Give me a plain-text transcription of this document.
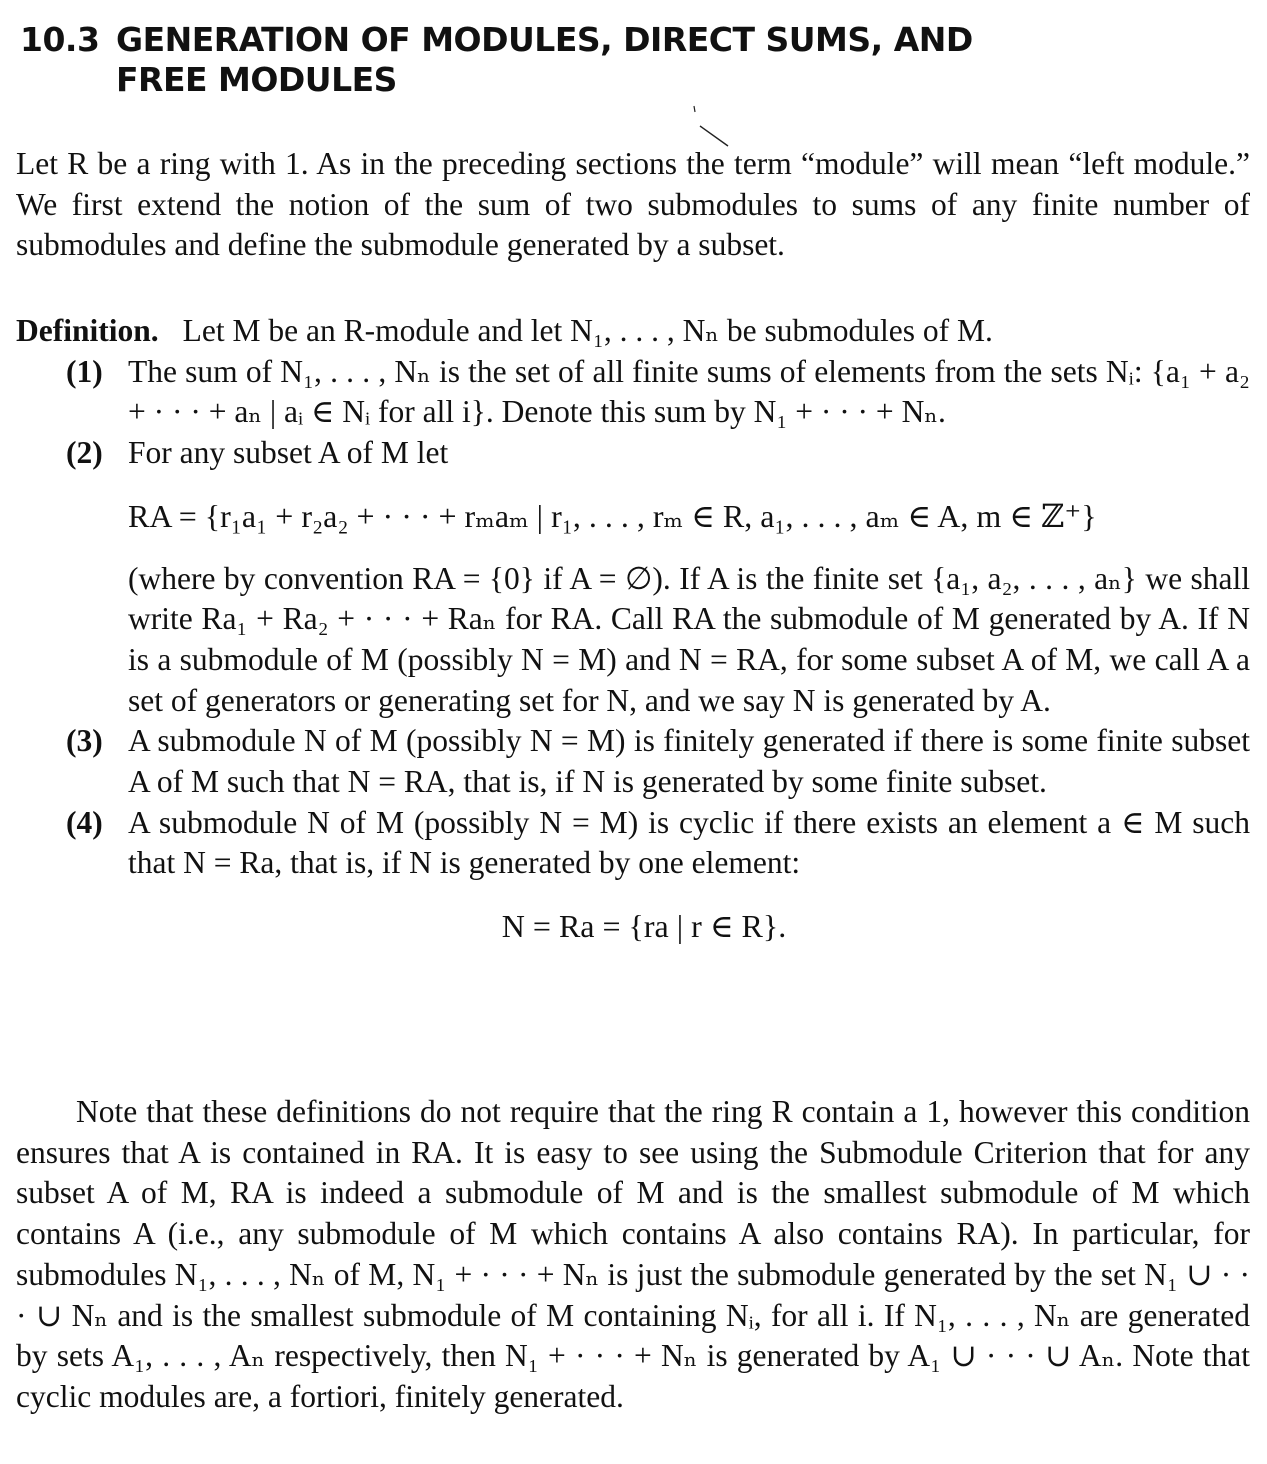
10.3 GENERATION OF MODULES, DIRECT SUMS, AND
FREE MODULES

Let R be a ring with 1. As in the preceding sections the term “module” will mean “left module.” We first extend the notion of the sum of two submodules to sums of any finite number of submodules and define the submodule generated by a subset.

Definition. Let M be an R-module and let N₁, . . . , Nₙ be submodules of M.
(1) The sum of N₁, . . . , Nₙ is the set of all finite sums of elements from the sets Nᵢ: {a₁ + a₂ + · · · + aₙ | aᵢ ∈ Nᵢ for all i}. Denote this sum by N₁ + · · · + Nₙ.
(2) For any subset A of M let
RA = {r₁a₁ + r₂a₂ + · · · + rₘaₘ | r₁, . . . , rₘ ∈ R, a₁, . . . , aₘ ∈ A, m ∈ ℤ⁺}
(where by convention RA = {0} if A = ∅). If A is the finite set {a₁, a₂, . . . , aₙ} we shall write Ra₁ + Ra₂ + · · · + Raₙ for RA. Call RA the submodule of M generated by A. If N is a submodule of M (possibly N = M) and N = RA, for some subset A of M, we call A a set of generators or generating set for N, and we say N is generated by A.
(3) A submodule N of M (possibly N = M) is finitely generated if there is some finite subset A of M such that N = RA, that is, if N is generated by some finite subset.
(4) A submodule N of M (possibly N = M) is cyclic if there exists an element a ∈ M such that N = Ra, that is, if N is generated by one element:
N = Ra = {ra | r ∈ R}.

Note that these definitions do not require that the ring R contain a 1, however this condition ensures that A is contained in RA. It is easy to see using the Submodule Criterion that for any subset A of M, RA is indeed a submodule of M and is the smallest submodule of M which contains A (i.e., any submodule of M which contains A also contains RA). In particular, for submodules N₁, . . . , Nₙ of M, N₁ + · · · + Nₙ is just the submodule generated by the set N₁ ∪ · · · ∪ Nₙ and is the smallest submodule of M containing Nᵢ, for all i. If N₁, . . . , Nₙ are generated by sets A₁, . . . , Aₙ respectively, then N₁ + · · · + Nₙ is generated by A₁ ∪ · · · ∪ Aₙ. Note that cyclic modules are, a fortiori, finitely generated.
